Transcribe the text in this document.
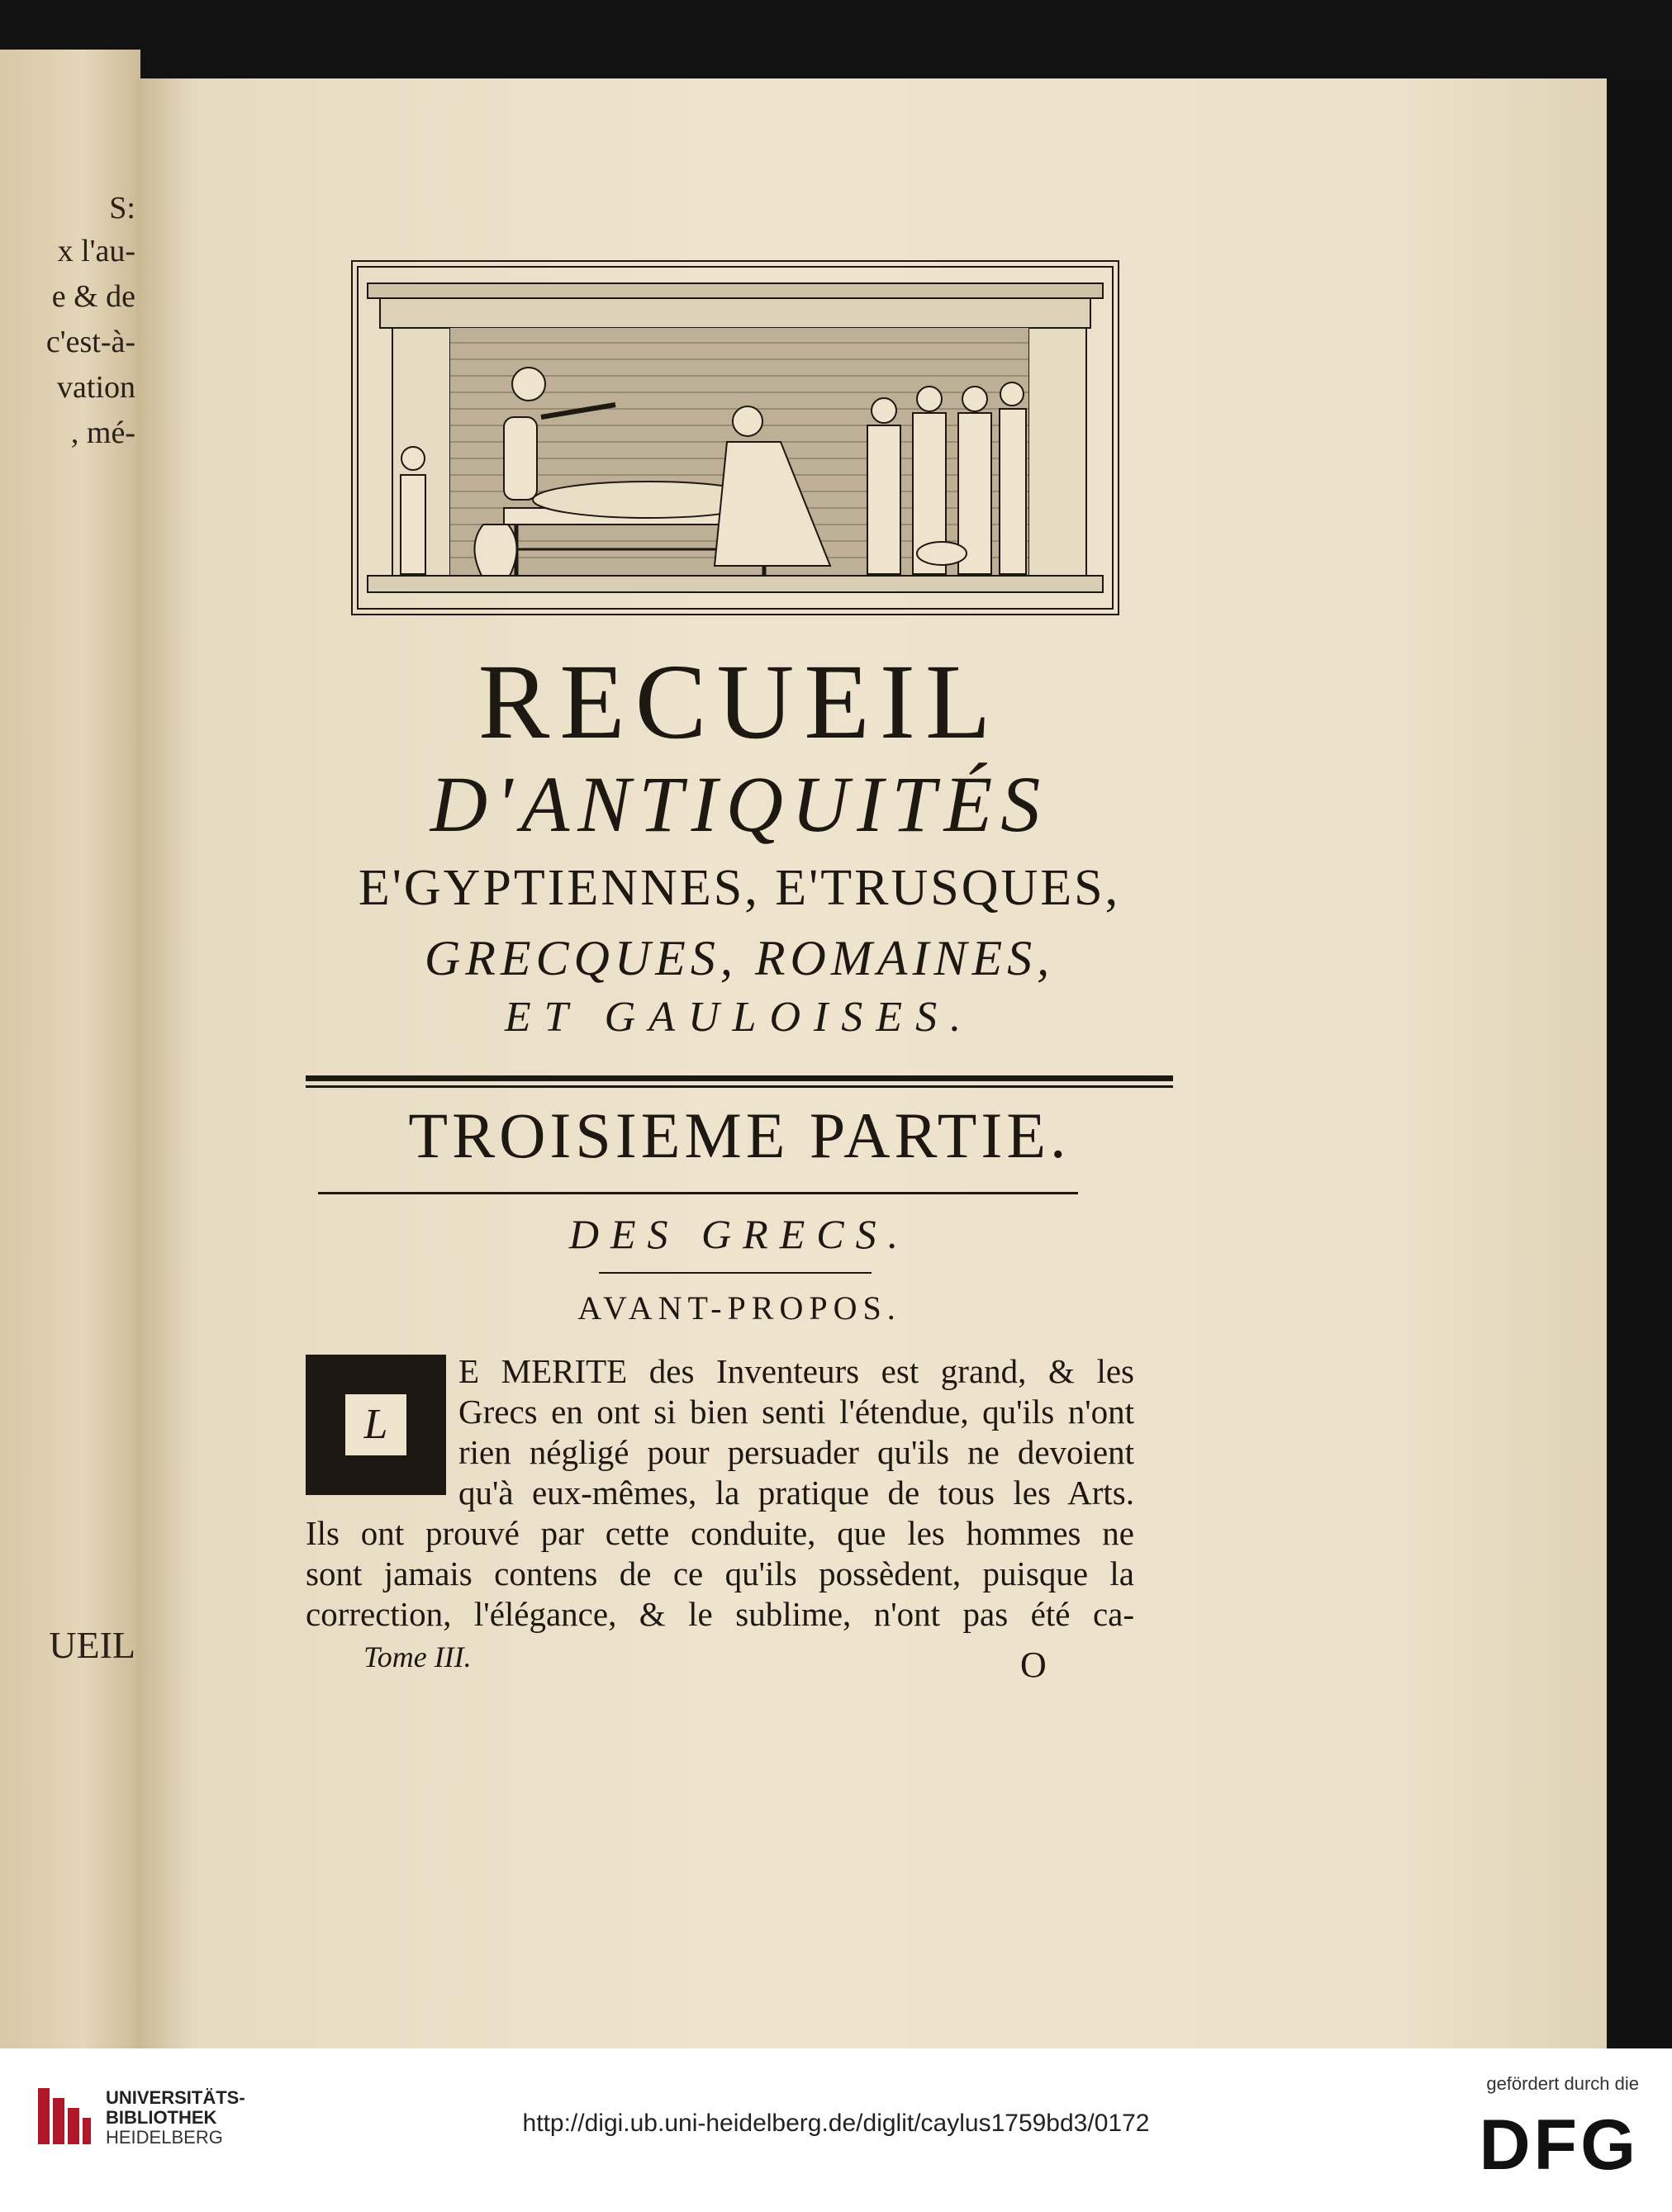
S:
x l'au-
e & de
c'est-à-
vation
, mé-
UEIL
RECUEIL
D'ANTIQUITÉS
E'GYPTIENNES, E'TRUSQUES,
GRECQUES, ROMAINES,
ET GAULOISES.
TROISIEME PARTIE.
DES GRECS.
AVANT-PROPOS.
L
E MERITE des Inventeurs est grand, & les
Grecs en ont si bien senti l'étendue, qu'ils n'ont
rien négligé pour persuader qu'ils ne devoient
qu'à eux-mêmes, la pratique de tous les Arts.
Ils ont prouvé par cette conduite, que les hommes ne
sont jamais contens de ce qu'ils possèdent, puisque la
correction, l'élégance, & le sublime, n'ont pas été ca-
Tome III.	O
UNIVERSITÄTS-
BIBLIOTHEK
HEIDELBERG
http://digi.ub.uni-heidelberg.de/diglit/caylus1759bd3/0172
gefördert durch die
DFG
